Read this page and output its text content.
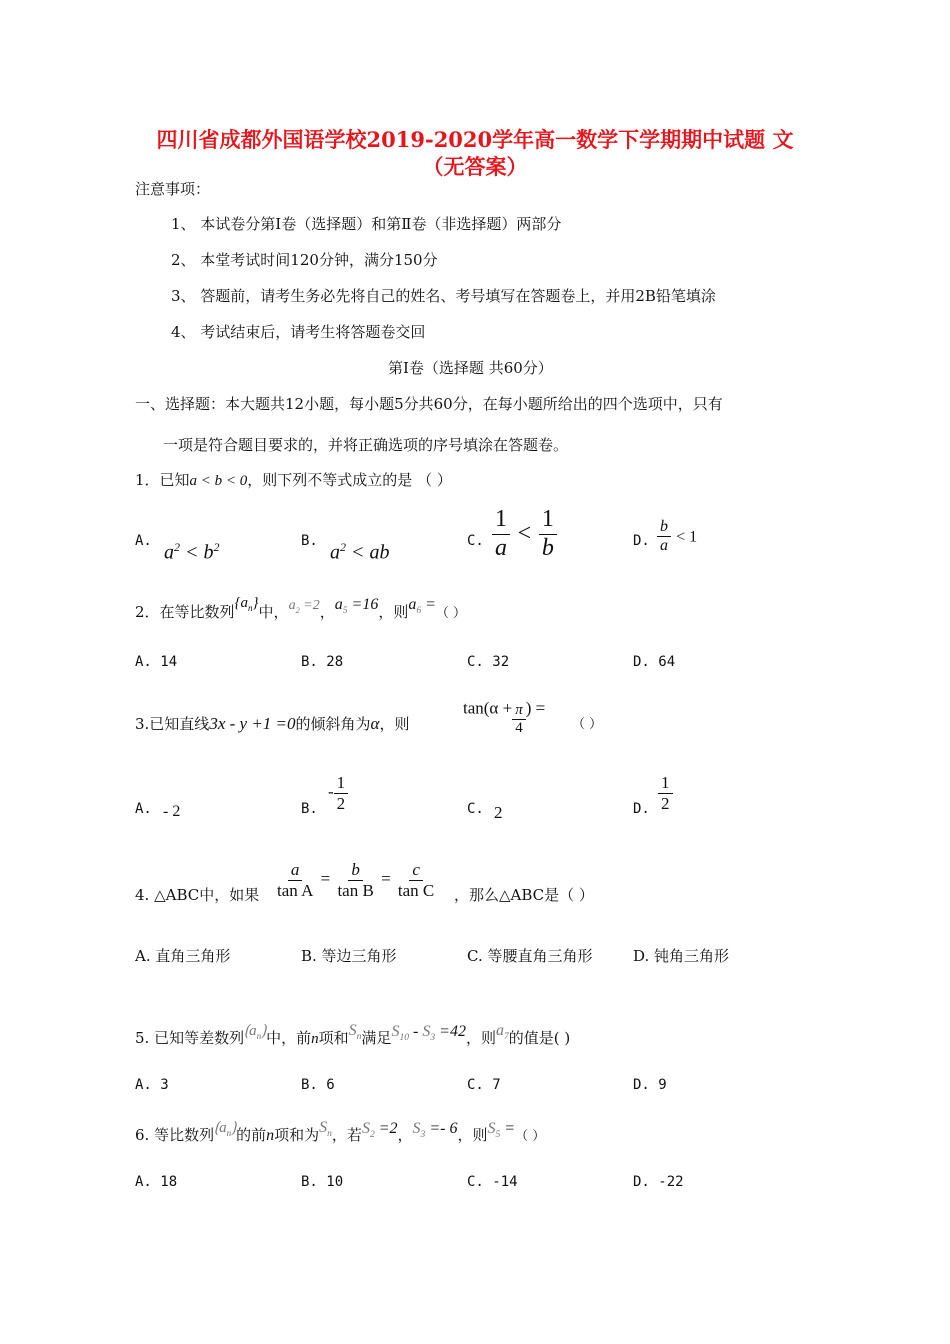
四川省成都外国语学校2019-2020学年高一数学下学期期中试题 文
（无答案）
注意事项：
1、 本试卷分第Ⅰ卷（选择题）和第Ⅱ卷（非选择题）两部分
2、 本堂考试时间120分钟，满分150分
3、 答题前，请考生务必先将自己的姓名、考号填写在答题卷上，并用2B铅笔填涂
4、 考试结束后，请考生将答题卷交回
第Ⅰ卷（选择题 共60分）
一、选择题：本大题共12小题，每小题5分共60分，在每小题所给出的四个选项中，只有
一项是符合题目要求的，并将正确选项的序号填涂在答题卷。
1．已知a < b < 0，则下列不等式成立的是 （ ）
A.
$a^2 < b^2$	B.
$a^2$ < ab
C. $\frac{1}{a} < \frac{1}{b}$	D. $\frac{b}{a} < 1$
2．在等比数列$\{a_n\}$中，$a_2 =2$，$a_5 =16$，则$a_6$ =（ ）
A. 14	B. 28	C. 32	D. 64
3.已知直线3x - y +1 =0的倾斜角为α，则
$\tan(\alpha + \frac{\pi}{4}$ ) =
（ ）
A. - 2	B.
- $\frac{1}{2}$	C. 2	D. $\frac{1}{2}$
4. △ABC中，如果 $\frac{a}{\text{tan A}} = \frac{b}{\text{tan B}} = \frac{c}{\text{tan C}}$ ，那么△ABC是（ ）
A. 直角三角形	B. 等边三角形	C. 等腰直角三角形	D. 钝角三角形
5. 已知等差数列$⟮a_n⟯$中，前n项和$S_n$满足$S_{10} - S_3 =42$，则$a_7$的值是( )
A. 3	B. 6	C. 7	D. 9
6. 等比数列$⟮a_n⟯$的前n项和为$S_n$，若$S_2 =2$，$S_3 =- 6$，则$S_5$ =（ ）
A. 18	B. 10	C. -14	D. -22
